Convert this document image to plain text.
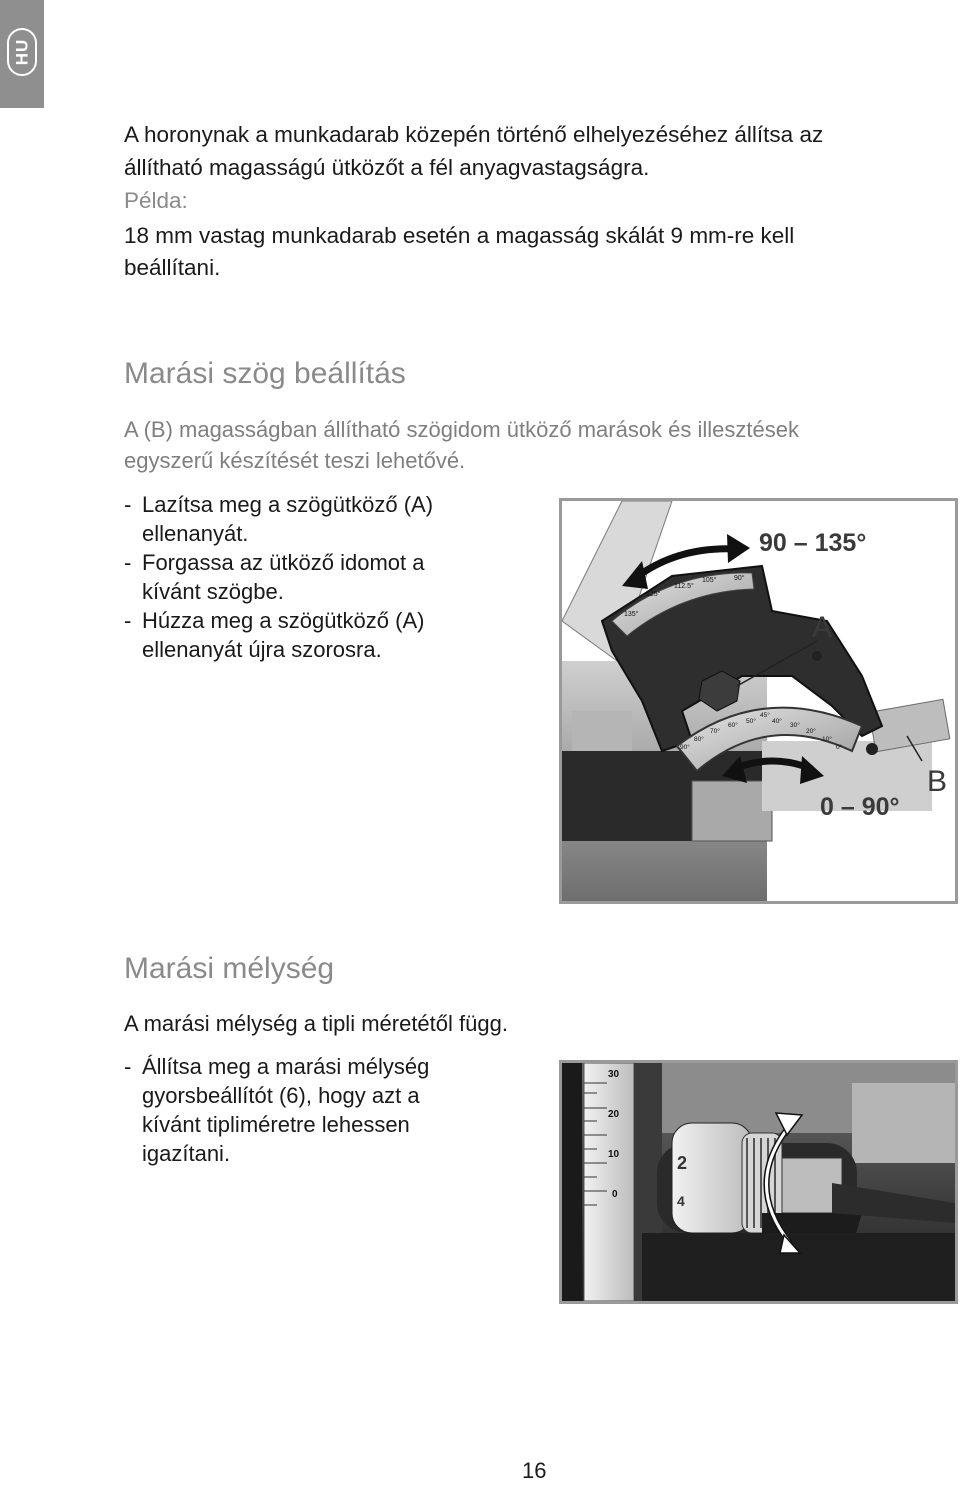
HU

A horonynak a munkadarab közepén történő elhelyezéséhez állítsa az

állítható magasságú ütközőt a fél anyagvastagságra.

Példa:

18 mm vastag munkadarab esetén a magasság skálát 9 mm-re kell

beállítani.

Marási szög beállítás

A (B) magasságban állítható szögidom ütköző marások és illesztések

egyszerű készítését teszi lehetővé.

- Lazítsa meg a szögütköző (A)
ellenanyát.
- Forgassa az ütköző idomot a
kívánt szögbe.
- Húzza meg a szögütköző (A)
ellenanyát újra szorosra.
135°
125°
112.5°
105°	90°
90°
80°
70°
60°
50°
45°
40°
30°
20°
10°
0°

90 – 135°

A

B

0 – 90°

Marási mélység

A marási mélység a tipli méretétől függ.

- Állítsa meg a marási mélység
gyorsbeállítót (6), hogy azt a
kívánt tipliméretre lehessen
igazítani.
30
20
10
0
2
4

16
